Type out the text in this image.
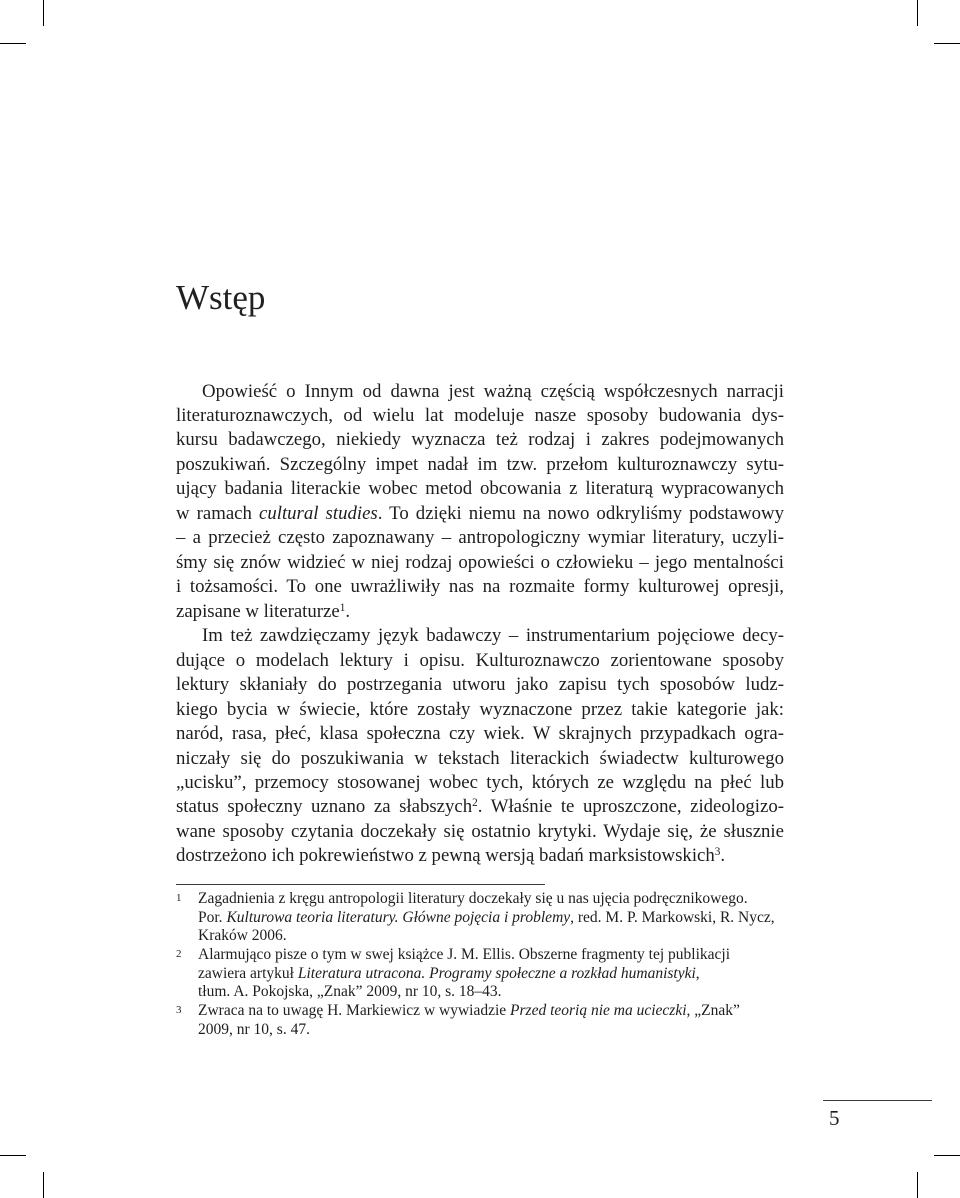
Wstęp
Opowieść o Innym od dawna jest ważną częścią współczesnych narracji
literaturoznawczych, od wielu lat modeluje nasze sposoby budowania dys-
kursu badawczego, niekiedy wyznacza też rodzaj i zakres podejmowanych
poszukiwań. Szczególny impet nadał im tzw. przełom kulturoznawczy sytu-
ujący badania literackie wobec metod obcowania z literaturą wypracowanych
w ramach cultural studies. To dzięki niemu na nowo odkryliśmy podstawowy
– a przecież często zapoznawany – antropologiczny wymiar literatury, uczyli-
śmy się znów widzieć w niej rodzaj opowieści o człowieku – jego mentalności
i tożsamości. To one uwrażliwiły nas na rozmaite formy kulturowej opresji,
zapisane w literaturze$^1$.
Im też zawdzięczamy język badawczy – instrumentarium pojęciowe decy-
dujące o modelach lektury i opisu. Kulturoznawczo zorientowane sposoby
lektury skłaniały do postrzegania utworu jako zapisu tych sposobów ludz-
kiego bycia w świecie, które zostały wyznaczone przez takie kategorie jak:
naród, rasa, płeć, klasa społeczna czy wiek. W skrajnych przypadkach ogra-
niczały się do poszukiwania w tekstach literackich świadectw kulturowego
„ucisku”, przemocy stosowanej wobec tych, których ze względu na płeć lub
status społeczny uznano za słabszych$^2$. Właśnie te uproszczone, zideologizo-
wane sposoby czytania doczekały się ostatnio krytyki. Wydaje się, że słusznie
dostrzeżono ich pokrewieństwo z pewną wersją badań marksistowskich$^3$.
1 Zagadnienia z kręgu antropologii literatury doczekały się u nas ujęcia podręcznikowego.
Por. Kulturowa teoria literatury. Główne pojęcia i problemy, red. M. P. Markowski, R. Nycz,
Kraków 2006.
2 Alarmująco pisze o tym w swej książce J. M. Ellis. Obszerne fragmenty tej publikacji
zawiera artykuł Literatura utracona. Programy społeczne a rozkład humanistyki,
tłum. A. Pokojska, „Znak” 2009, nr 10, s. 18–43.
3 Zwraca na to uwagę H. Markiewicz w wywiadzie Przed teorią nie ma ucieczki, „Znak”
2009, nr 10, s. 47.
5
